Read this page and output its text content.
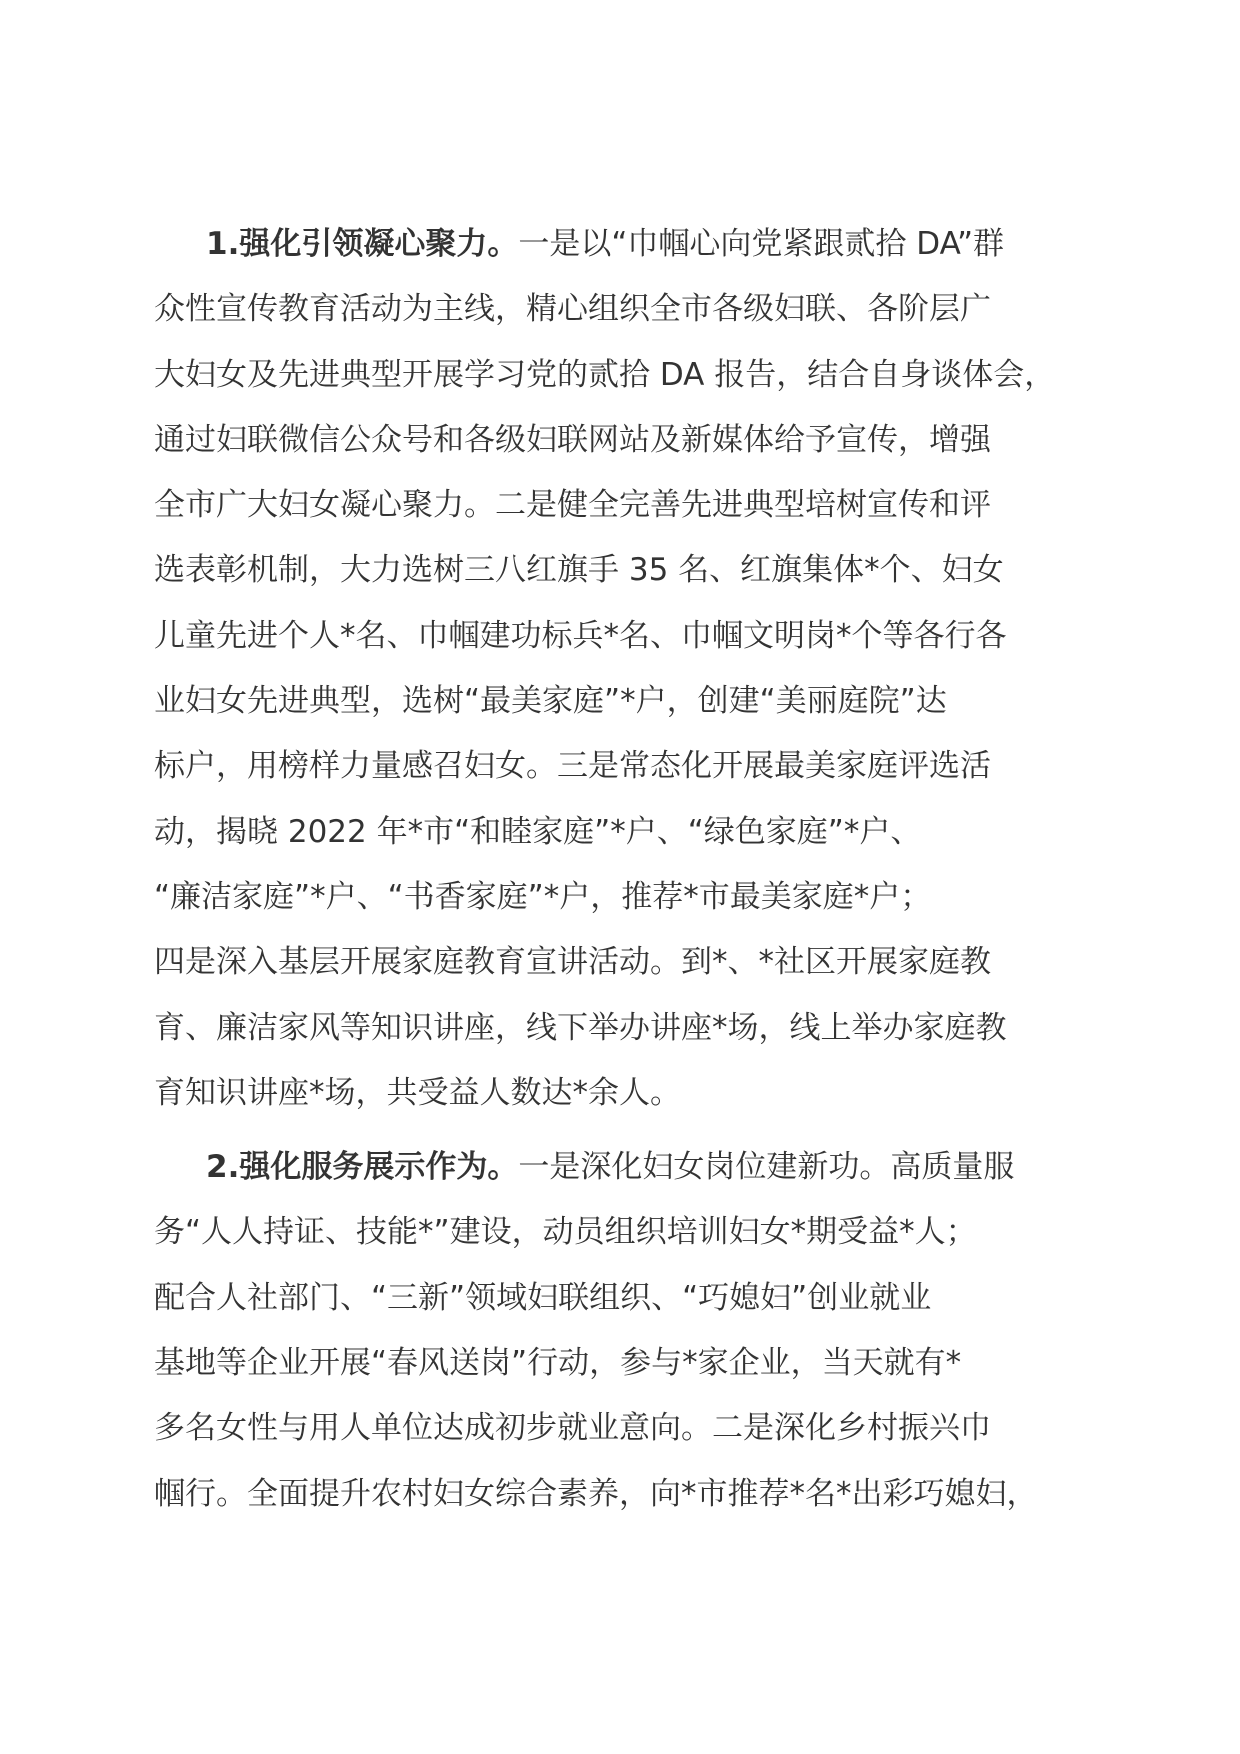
1.强化引领凝心聚力。一是以“巾帼心向党紧跟贰拾 DA”群
众性宣传教育活动为主线，精心组织全市各级妇联、各阶层广
大妇女及先进典型开展学习党的贰拾 DA 报告，结合自身谈体会，
通过妇联微信公众号和各级妇联网站及新媒体给予宣传，增强
全市广大妇女凝心聚力。二是健全完善先进典型培树宣传和评
选表彰机制，大力选树三八红旗手 35 名、红旗集体*个、妇女
儿童先进个人*名、巾帼建功标兵*名、巾帼文明岗*个等各行各
业妇女先进典型，选树“最美家庭”*户，创建“美丽庭院”达
标户，用榜样力量感召妇女。三是常态化开展最美家庭评选活
动，揭晓 2022 年*市“和睦家庭”*户、“绿色家庭”*户、
“廉洁家庭”*户、“书香家庭”*户，推荐*市最美家庭*户；
四是深入基层开展家庭教育宣讲活动。到*、*社区开展家庭教
育、廉洁家风等知识讲座，线下举办讲座*场，线上举办家庭教
育知识讲座*场，共受益人数达*余人。
2.强化服务展示作为。一是深化妇女岗位建新功。高质量服
务“人人持证、技能*”建设，动员组织培训妇女*期受益*人；
配合人社部门、“三新”领域妇联组织、“巧媳妇”创业就业
基地等企业开展“春风送岗”行动，参与*家企业，当天就有*
多名女性与用人单位达成初步就业意向。二是深化乡村振兴巾
帼行。全面提升农村妇女综合素养，向*市推荐*名*出彩巧媳妇，
